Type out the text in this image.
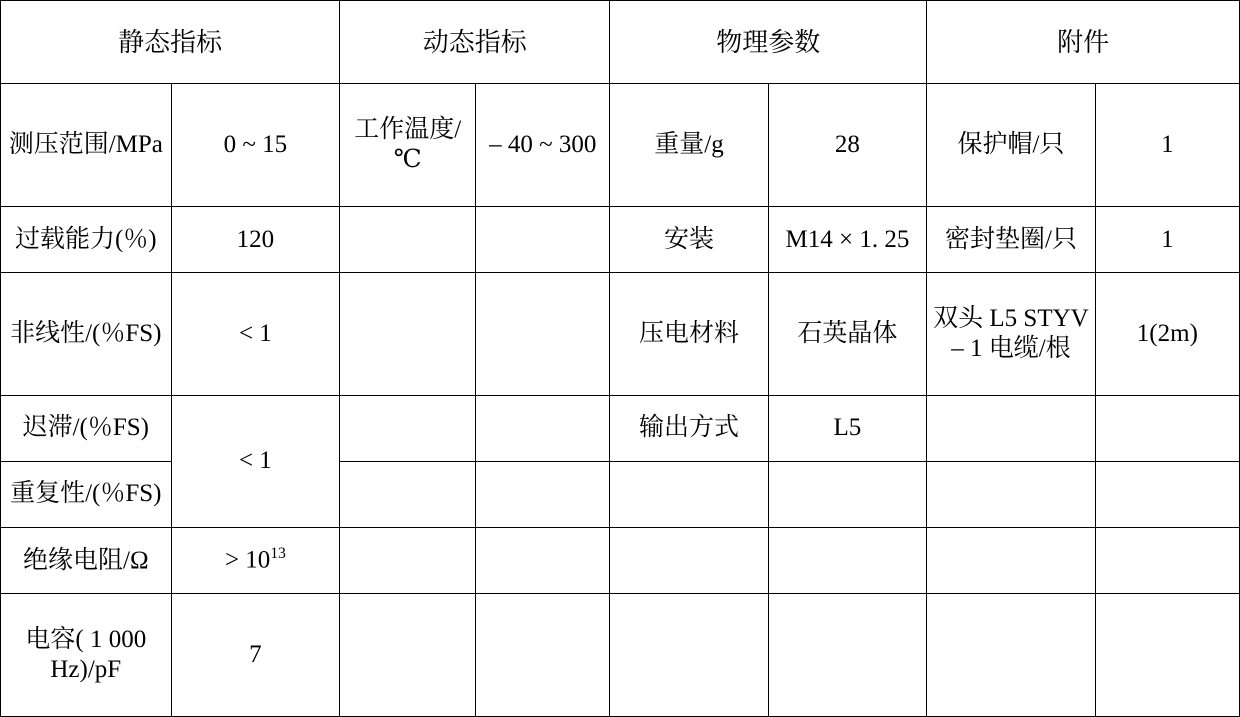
静态指标		动态指标		物理参数		附件	
测压范围/MPa	0 ~ 15	工作温度/℃	– 40 ~ 300	重量/g	28	保护帽/只	1
过载能力(％)	120			安装	M14 × 1. 25	密封垫圈/只	1
非线性/(％FS)	< 1			压电材料	石英晶体	双头 L5 STYV – 1 电缆/根	1(2m)
迟滞/(％FS)	< 1			输出方式	L5		
重复性/(％FS)							
绝缘电阻/Ω	> $10^{13}$						
电容( 1 000 Hz)/pF	7						
